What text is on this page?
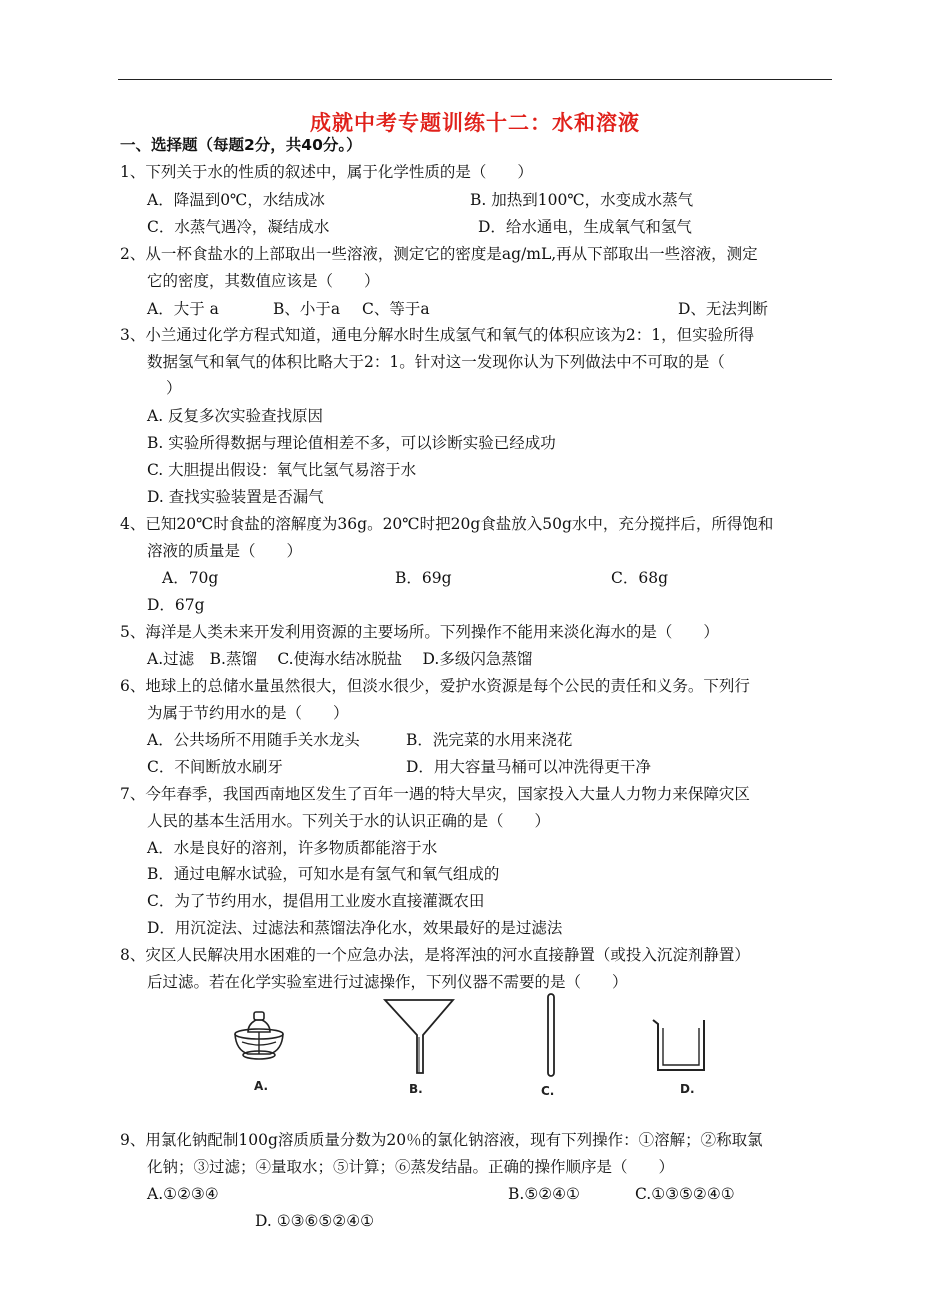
成就中考专题训练十二：水和溶液
一、选择题（每题2分，共40分。）
1、下列关于水的性质的叙述中，属于化学性质的是（　　）
A．降温到0℃，水结成冰	B. 加热到100℃，水变成水蒸气
C．水蒸气遇冷，凝结成水	D．给水通电，生成氧气和氢气
2、从一杯食盐水的上部取出一些溶液，测定它的密度是ag/mL,再从下部取出一些溶液，测定
它的密度，其数值应该是（　　）
A．大于 a	B、小于a C、等于a	D、无法判断
3、小兰通过化学方程式知道，通电分解水时生成氢气和氧气的体积应该为2：1，但实验所得
数据氢气和氧气的体积比略大于2：1。针对这一发现你认为下列做法中不可取的是（
）
A. 反复多次实验查找原因
B. 实验所得数据与理论值相差不多，可以诊断实验已经成功
C. 大胆提出假设：氧气比氢气易溶于水
D. 查找实验装置是否漏气
4、已知20℃时食盐的溶解度为36g。20℃时把20g食盐放入50g水中，充分搅拌后，所得饱和
溶液的质量是（　　）
A．70g	B．69g	C．68g
D．67g
5、海洋是人类未来开发利用资源的主要场所。下列操作不能用来淡化海水的是（　　）
A.过滤　B.蒸馏　 C.使海水结冰脱盐　 D.多级闪急蒸馏
6、地球上的总储水量虽然很大，但淡水很少，爱护水资源是每个公民的责任和义务。下列行
为属于节约用水的是（　　）
A．公共场所不用随手关水龙头	B．洗完菜的水用来浇花
C．不间断放水刷牙	D．用大容量马桶可以冲洗得更干净
7、今年春季，我国西南地区发生了百年一遇的特大旱灾，国家投入大量人力物力来保障灾区
人民的基本生活用水。下列关于水的认识正确的是（　　）
A．水是良好的溶剂，许多物质都能溶于水
B．通过电解水试验，可知水是有氢气和氧气组成的
C．为了节约用水，提倡用工业废水直接灌溉农田
D．用沉淀法、过滤法和蒸馏法净化水，效果最好的是过滤法
8、灾区人民解决用水困难的一个应急办法，是将浑浊的河水直接静置（或投入沉淀剂静置）
后过滤。若在化学实验室进行过滤操作，下列仪器不需要的是（　　）
A.	B.	C.	D.
9、用氯化钠配制100g溶质质量分数为20％的氯化钠溶液，现有下列操作：①溶解；②称取氯
化钠；③过滤；④量取水；⑤计算；⑥蒸发结晶。正确的操作顺序是（　　）
A.①②③④	B.⑤②④①	C.①③⑤②④①
D. ①③⑥⑤②④①
